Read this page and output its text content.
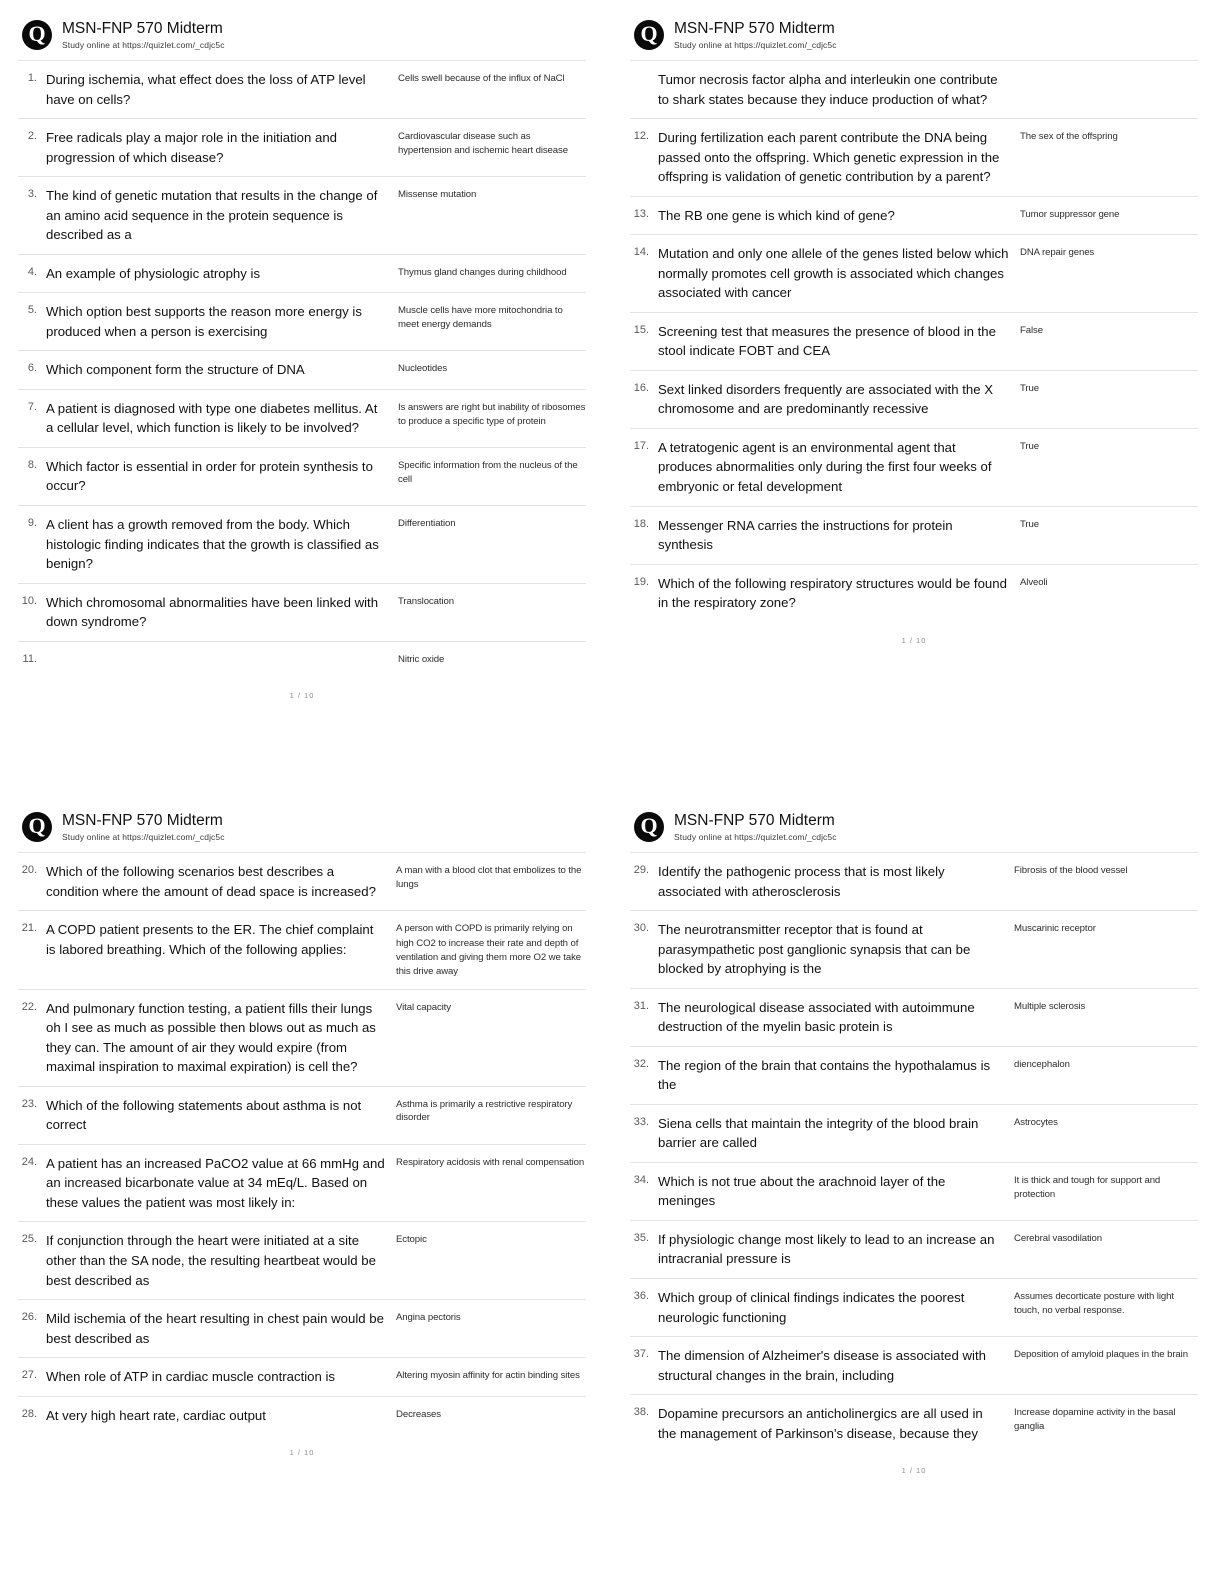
Q MSN-FNP 570 Midterm
Study online at https://quizlet.com/_cdjc5c
1. During ischemia, what effect does the loss of ATP level have on cells?
Cells swell because of the influx of NaCl
2. Free radicals play a major role in the initiation and progression of which disease?
Cardiovascular disease such as hypertension and ischemic heart disease
3. The kind of genetic mutation that results in the change of an amino acid sequence in the protein sequence is described as a
Missense mutation
4. An example of physiologic atrophy is	Thymus gland changes during childhood
5. Which option best supports the reason more energy is produced when a person is exercising
Muscle cells have more mitochondria to meet energy demands
6. Which component form the structure of DNA	Nucleotides
7. A patient is diagnosed with type one diabetes mellitus. At a cellular level, which function is likely to be involved?
Is answers are right but inability of ribosomes to produce a specific type of protein
8. Which factor is essential in order for protein synthesis to occur?
Specific information from the nucleus of the cell
9. A client has a growth removed from the body. Which histologic finding indicates that the growth is classified as benign?
Differentiation
10. Which chromosomal abnormalities have been linked with down syndrome?
Translocation
11.	Nitric oxide
1 / 10
Q MSN-FNP 570 Midterm
Study online at https://quizlet.com/_cdjc5c
Tumor necrosis factor alpha and interleukin one contribute to shark states because they induce production of what?
12. During fertilization each parent contribute the DNA being passed onto the offspring. Which genetic expression in the offspring is validation of genetic contribution by a parent?
The sex of the offspring
13. The RB one gene is which kind of gene?	Tumor suppressor gene
14. Mutation and only one allele of the genes listed below which normally promotes cell growth is associated which changes associated with cancer
DNA repair genes
15. Screening test that measures the presence of blood in the stool indicate FOBT and CEA
False
16. Sext linked disorders frequently are associated with the X chromosome and are predominantly recessive
True
17. A tetratogenic agent is an environmental agent that produces abnormalities only during the first four weeks of embryonic or fetal development
True
18. Messenger RNA carries the instructions for protein synthesis
True
19. Which of the following respiratory structures would be found in the respiratory zone?
Alveoli
1 / 10
Q MSN-FNP 570 Midterm
Study online at https://quizlet.com/_cdjc5c
20. Which of the following scenarios best describes a condition where the amount of dead space is increased?
A man with a blood clot that embolizes to the lungs
21. A COPD patient presents to the ER. The chief complaint is labored breathing. Which of the following applies:
A person with COPD is primarily relying on high CO2 to increase their rate and depth of ventilation and giving them more O2 we take this drive away
22. And pulmonary function testing, a patient fills their lungs oh I see as much as possible then blows out as much as they can. The amount of air they would expire (from maximal inspiration to maximal expiration) is cell the?
Vital capacity
23. Which of the following statements about asthma is not correct
Asthma is primarily a restrictive respiratory disorder
24. A patient has an increased PaCO2 value at 66 mmHg and an increased bicarbonate value at 34 mEq/L. Based on these values the patient was most likely in:
Respiratory acidosis with renal compensation
25. If conjunction through the heart were initiated at a site other than the SA node, the resulting heartbeat would be best described as
Ectopic
26. Mild ischemia of the heart resulting in chest pain would be best described as
Angina pectoris
27. When role of ATP in cardiac muscle contraction is	Altering myosin affinity for actin binding sites
28. At very high heart rate, cardiac output	Decreases
1 / 10
Q MSN-FNP 570 Midterm
Study online at https://quizlet.com/_cdjc5c
29. Identify the pathogenic process that is most likely associated with atherosclerosis
Fibrosis of the blood vessel
30. The neurotransmitter receptor that is found at parasympathetic post ganglionic synapsis that can be blocked by atrophying is the
Muscarinic receptor
31. The neurological disease associated with autoimmune destruction of the myelin basic protein is
Multiple sclerosis
32. The region of the brain that contains the hypothalamus is the
diencephalon
33. Siena cells that maintain the integrity of the blood brain barrier are called
Astrocytes
34. Which is not true about the arachnoid layer of the meninges
It is thick and tough for support and protection
35. If physiologic change most likely to lead to an increase an intracranial pressure is
Cerebral vasodilation
36. Which group of clinical findings indicates the poorest neurologic functioning
Assumes decorticate posture with light touch, no verbal response.
37. The dimension of Alzheimer's disease is associated with structural changes in the brain, including
Deposition of amyloid plaques in the brain
38. Dopamine precursors an anticholinergics are all used in the management of Parkinson's disease, because they
Increase dopamine activity in the basal ganglia
1 / 10
